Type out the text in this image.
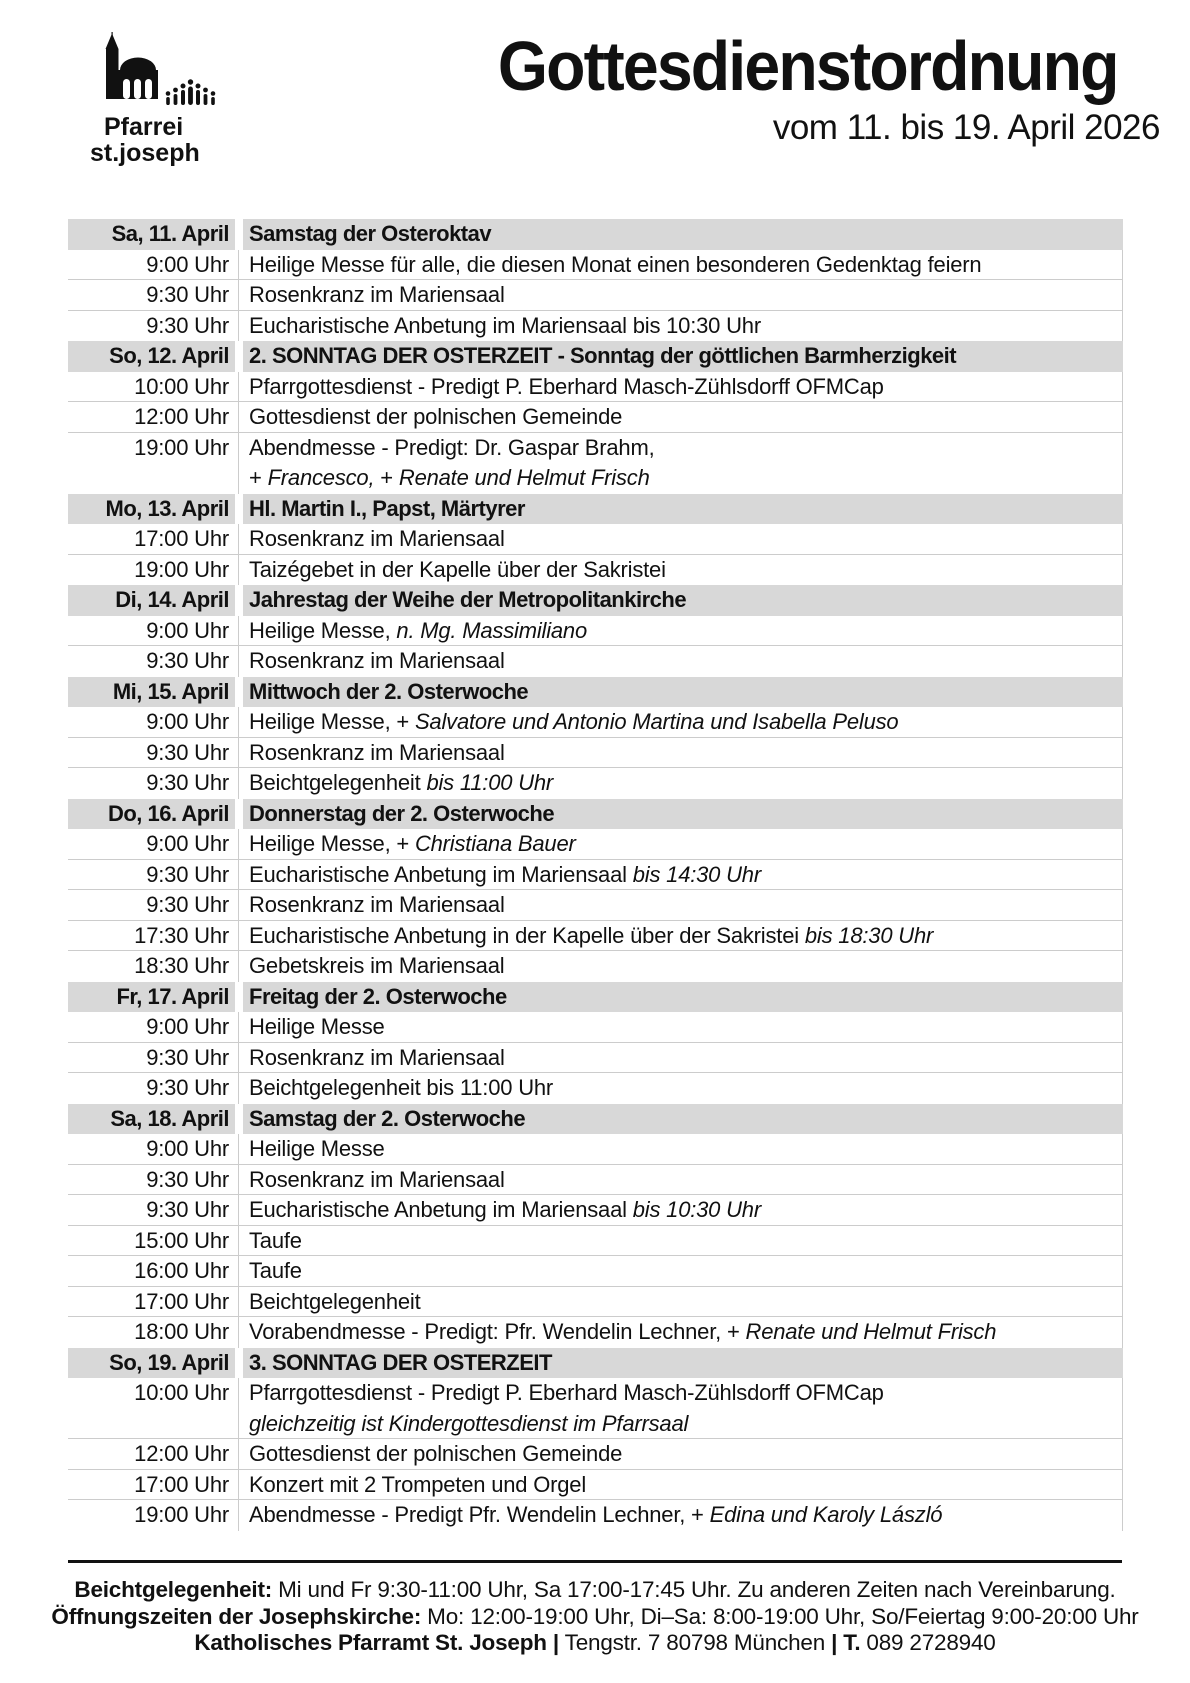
Pfarrei
st.joseph
Gottesdienstordnung
vom 11. bis 19. April 2026
Sa, 11. April Samstag der Osteroktav
9:00 Uhr Heilige Messe für alle, die diesen Monat einen besonderen Gedenktag feiern
9:30 Uhr Rosenkranz im Mariensaal
9:30 Uhr Eucharistische Anbetung im Mariensaal bis 10:30 Uhr
So, 12. April 2. SONNTAG DER OSTERZEIT - Sonntag der göttlichen Barmherzigkeit
10:00 Uhr Pfarrgottesdienst - Predigt P. Eberhard Masch-Zühlsdorff OFMCap
12:00 Uhr Gottesdienst der polnischen Gemeinde
19:00 Uhr Abendmesse - Predigt: Dr. Gaspar Brahm,
+ Francesco, + Renate und Helmut Frisch
Mo, 13. April Hl. Martin I., Papst, Märtyrer
17:00 Uhr Rosenkranz im Mariensaal
19:00 Uhr Taizégebet in der Kapelle über der Sakristei
Di, 14. April Jahrestag der Weihe der Metropolitankirche
9:00 Uhr Heilige Messe, n. Mg. Massimiliano
9:30 Uhr Rosenkranz im Mariensaal
Mi, 15. April Mittwoch der 2. Osterwoche
9:00 Uhr Heilige Messe, + Salvatore und Antonio Martina und Isabella Peluso
9:30 Uhr Rosenkranz im Mariensaal
9:30 Uhr Beichtgelegenheit bis 11:00 Uhr
Do, 16. April Donnerstag der 2. Osterwoche
9:00 Uhr Heilige Messe, + Christiana Bauer
9:30 Uhr Eucharistische Anbetung im Mariensaal bis 14:30 Uhr
9:30 Uhr Rosenkranz im Mariensaal
17:30 Uhr Eucharistische Anbetung in der Kapelle über der Sakristei bis 18:30 Uhr
18:30 Uhr Gebetskreis im Mariensaal
Fr, 17. April Freitag der 2. Osterwoche
9:00 Uhr Heilige Messe
9:30 Uhr Rosenkranz im Mariensaal
9:30 Uhr Beichtgelegenheit bis 11:00 Uhr
Sa, 18. April Samstag der 2. Osterwoche
9:00 Uhr Heilige Messe
9:30 Uhr Rosenkranz im Mariensaal
9:30 Uhr Eucharistische Anbetung im Mariensaal bis 10:30 Uhr
15:00 Uhr Taufe
16:00 Uhr Taufe
17:00 Uhr Beichtgelegenheit
18:00 Uhr Vorabendmesse - Predigt: Pfr. Wendelin Lechner, + Renate und Helmut Frisch
So, 19. April 3. SONNTAG DER OSTERZEIT
10:00 Uhr Pfarrgottesdienst - Predigt P. Eberhard Masch-Zühlsdorff OFMCap
gleichzeitig ist Kindergottesdienst im Pfarrsaal
12:00 Uhr Gottesdienst der polnischen Gemeinde
17:00 Uhr Konzert mit 2 Trompeten und Orgel
19:00 Uhr Abendmesse - Predigt Pfr. Wendelin Lechner, + Edina und Karoly László
Beichtgelegenheit: Mi und Fr 9:30-11:00 Uhr, Sa 17:00-17:45 Uhr. Zu anderen Zeiten nach Vereinbarung.
Öffnungszeiten der Josephskirche: Mo: 12:00-19:00 Uhr, Di–Sa: 8:00-19:00 Uhr, So/Feiertag 9:00-20:00 Uhr
Katholisches Pfarramt St. Joseph | Tengstr. 7 80798 München | T. 089 2728940
